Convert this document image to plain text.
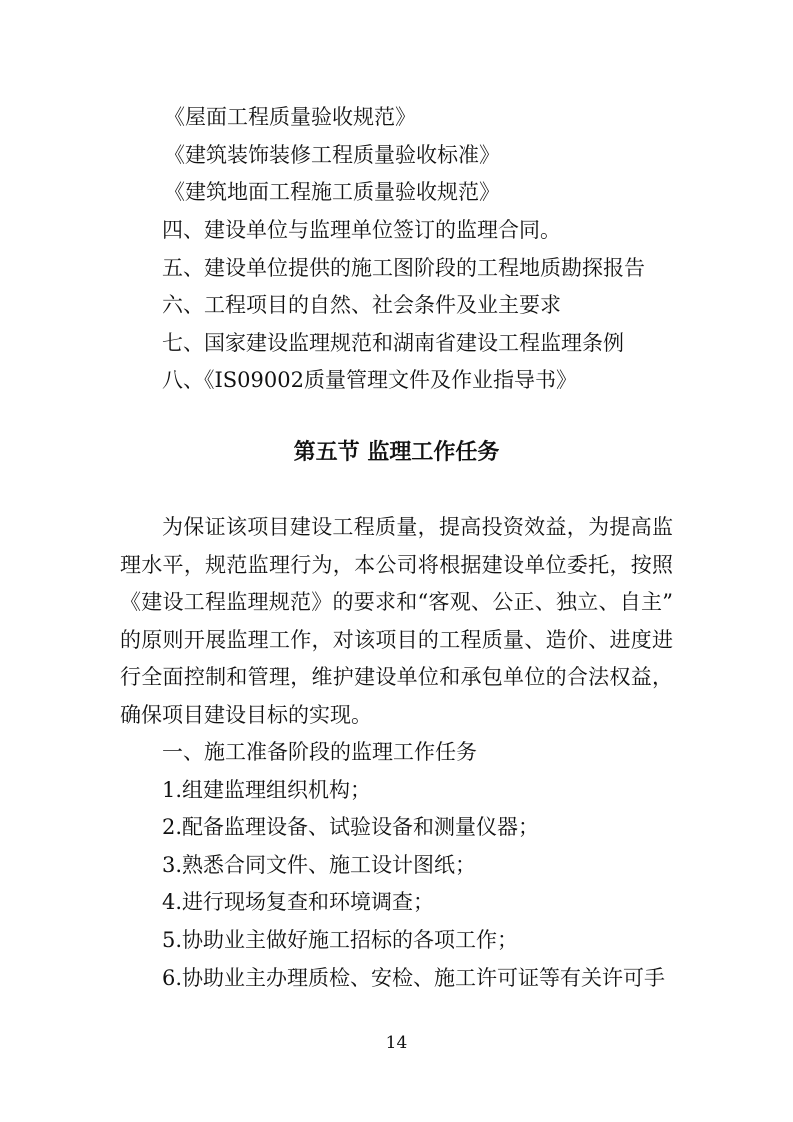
《屋面工程质量验收规范》
《建筑装饰装修工程质量验收标准》
《建筑地面工程施工质量验收规范》
四、建设单位与监理单位签订的监理合同。
五、建设单位提供的施工图阶段的工程地质勘探报告
六、工程项目的自然、社会条件及业主要求
七、国家建设监理规范和湖南省建设工程监理条例
八、《IS09002质量管理文件及作业指导书》
第五节 监理工作任务
为保证该项目建设工程质量，提高投资效益，为提高监
理水平，规范监理行为，本公司将根据建设单位委托，按照
《建设工程监理规范》的要求和“客观、公正、独立、自主”
的原则开展监理工作，对该项目的工程质量、造价、进度进
行全面控制和管理，维护建设单位和承包单位的合法权益，
确保项目建设目标的实现。
一、施工准备阶段的监理工作任务
1.组建监理组织机构；
2.配备监理设备、试验设备和测量仪器；
3.熟悉合同文件、施工设计图纸；
4.进行现场复查和环境调查；
5.协助业主做好施工招标的各项工作；
6.协助业主办理质检、安检、施工许可证等有关许可手
14
